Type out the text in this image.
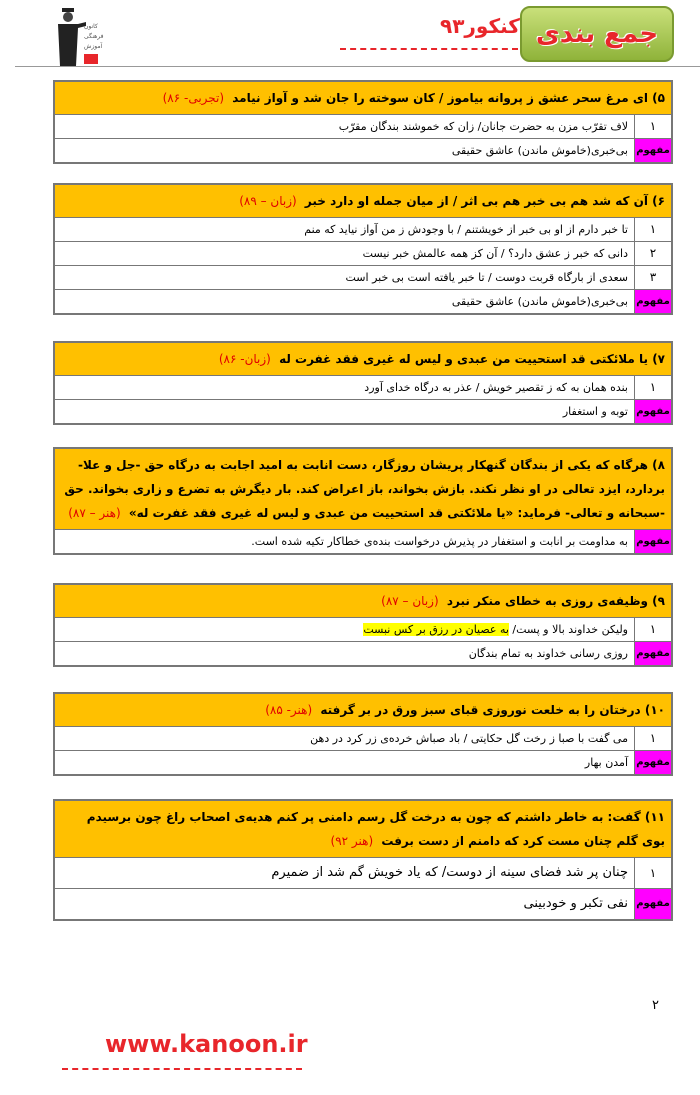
کانون
فرهنگی
آموزش	جمع بندی
کنکور۹۳
۵) ای مرغ سحر عشق ز پروانه بیاموز / کان سوخته را جان شد و آواز نیامد (تجربی- ۸۶)
۱
لاف تقرّب مزن به حضرت جانان/ زان که خموشند بندگان مقرّب
مفهوم
بی‌خبری(خاموش ماندن) عاشق حقیقی
۶) آن که شد هم بی خبر هم بی اثر / از میان جمله او دارد خبر (زبان – ۸۹)
۱
تا خبر دارم از او بی خبر از خویشتنم / با وجودش ز من آواز نیاید که منم
۲
دانی که خبر ز عشق دارد؟ / آن کز همه عالمش خبر نیست
۳
سعدی از بارگاه قربت دوست / تا خبر یافته است بی خبر است
مفهوم
بی‌خبری(خاموش ماندن) عاشق حقیقی
۷) یا ملائکتی قد استحییت من عبدی و لیس له غیری فقد غفرت له (زبان- ۸۶)
۱
بنده همان به که ز تقصیر خویش / عذر به درگاه خدای آورد
مفهوم
توبه و استغفار
۸) هرگاه که یکی از بندگان گنهکار پریشان روزگار، دست انابت به امید اجابت به درگاه حق -جل و علا- بردارد، ایزد تعالی در او نظر نکند. بازش بخواند، باز اعراض کند. بار دیگرش به تضرع و زاری بخواند. حق -سبحانه و تعالی- فرماید: «یا ملائکتی قد استحییت من عبدی و لیس له غیری فقد غفرت له» (هنر – ۸۷)
مفهوم
به مداومت بر انابت و استغفار در پذیرش درخواست بنده‌ی خطاکار تکیه شده است.
۹) وظیفه‌ی روزی به خطای منکر نبرد (زبان – ۸۷)
۱
ولیکن خداوند بالا و پست/ به عصیان در رزق بر کس نبست
مفهوم
روزی رسانی خداوند به تمام بندگان
۱۰) درختان را به خلعت نوروزی قبای سبز ورق در بر گرفته (هنر- ۸۵)
۱
می گفت با صبا ز رخت گل حکایتی / باد صباش خرده‌ی زر کرد در دهن
مفهوم
آمدن بهار
۱۱) گفت: به خاطر داشتم که چون به درخت گل رسم دامنی پر کنم هدیه‌ی اصحاب راغ چون برسیدم بوی گلم چنان مست کرد که دامنم از دست برفت (هنر ۹۲)
۱
چنان پر شد فضای سینه از دوست/ که یاد خویش گم شد از ضمیرم
مفهوم
نفی تکبر و خودبینی
۲
www.kanoon.ir
